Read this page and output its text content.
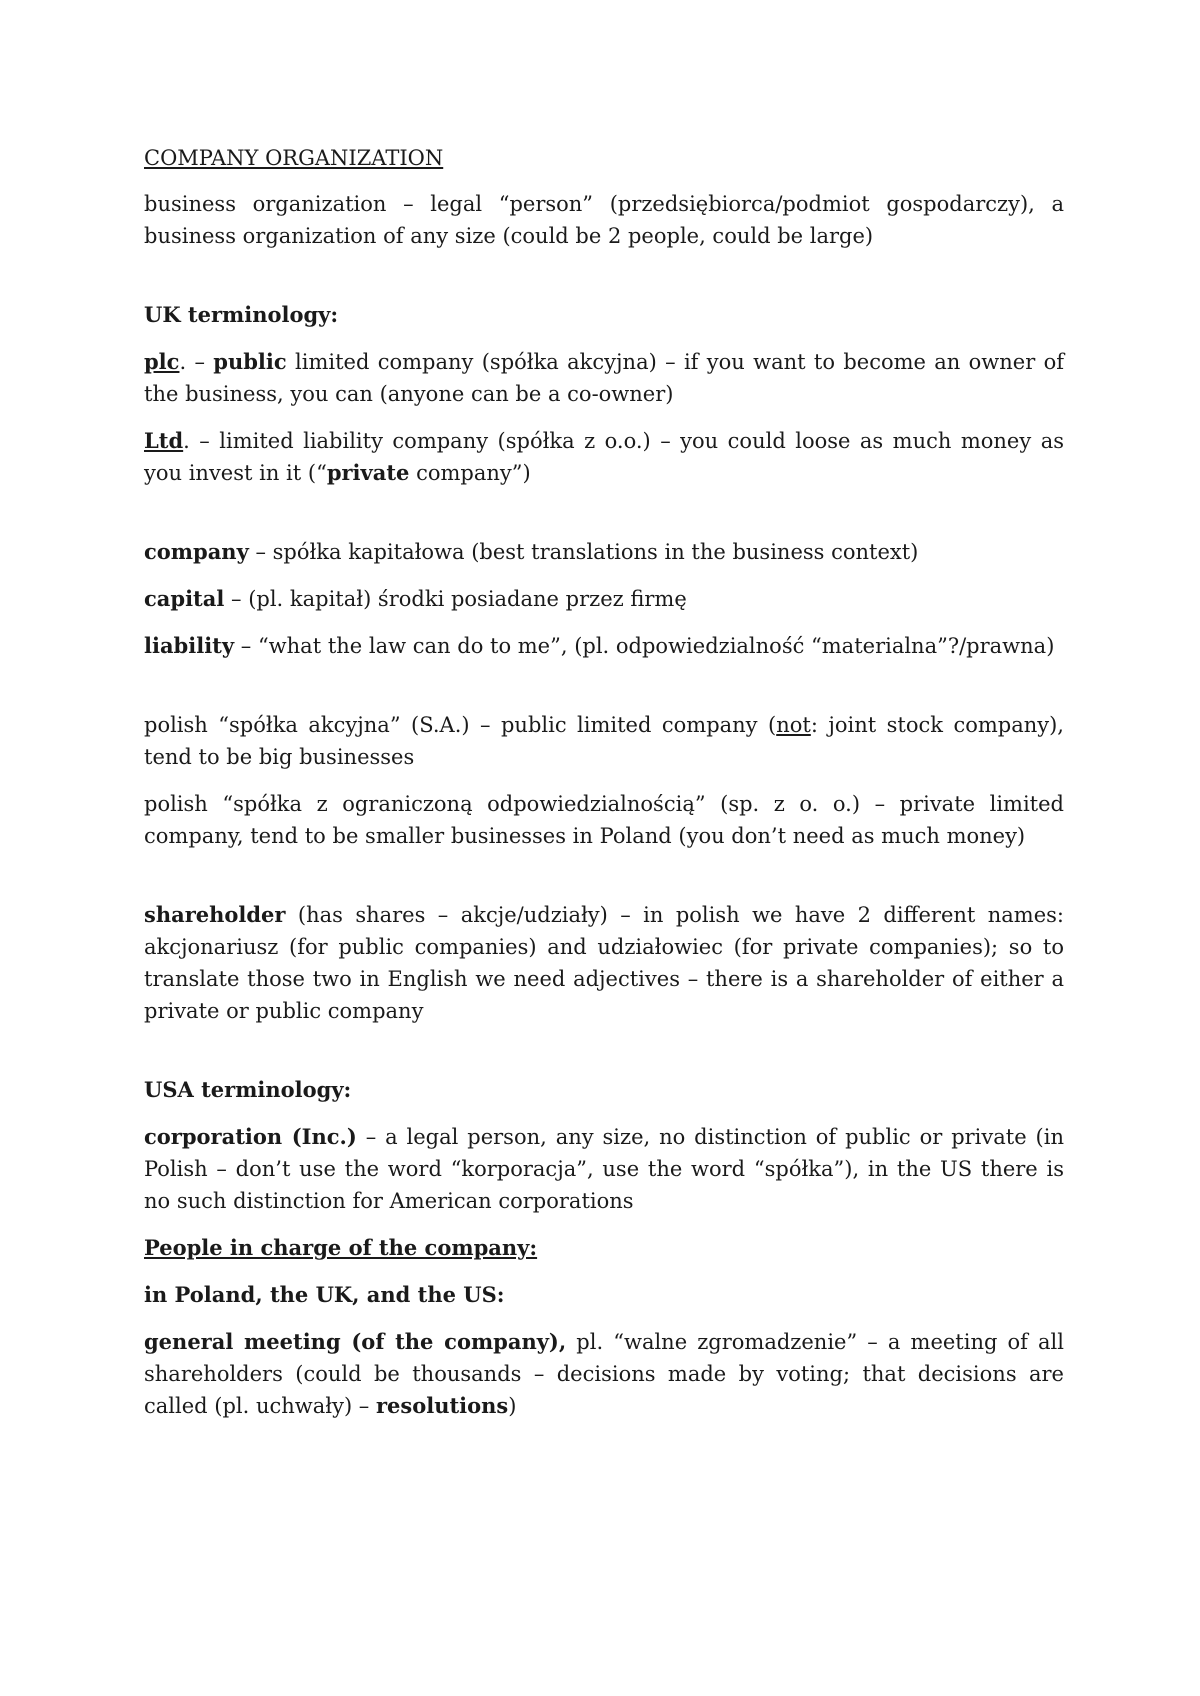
COMPANY ORGANIZATION

business organization – legal “person” (przedsiębiorca/podmiot gospodarczy), a business organization of any size (could be 2 people, could be large)

UK terminology:

plc. – public limited company (spółka akcyjna) – if you want to become an owner of the business, you can (anyone can be a co-owner)

Ltd. – limited liability company (spółka z o.o.) – you could loose as much money as you invest in it (“private company”)

company – spółka kapitałowa (best translations in the business context)

capital – (pl. kapitał) środki posiadane przez firmę

liability – “what the law can do to me”, (pl. odpowiedzialność “materialna”?/prawna)

polish “spółka akcyjna” (S.A.) – public limited company (not: joint stock company), tend to be big businesses

polish “spółka z ograniczoną odpowiedzialnością” (sp. z o. o.) – private limited company, tend to be smaller businesses in Poland (you don’t need as much money)

shareholder (has shares – akcje/udziały) – in polish we have 2 different names: akcjonariusz (for public companies) and udziałowiec (for private companies); so to translate those two in English we need adjectives – there is a shareholder of either a private or public company

USA terminology:

corporation (Inc.) – a legal person, any size, no distinction of public or private (in Polish – don’t use the word “korporacja”, use the word “spółka”), in the US there is no such distinction for American corporations

People in charge of the company:

in Poland, the UK, and the US:

general meeting (of the company), pl. “walne zgromadzenie” – a meeting of all shareholders (could be thousands – decisions made by voting; that decisions are called (pl. uchwały) – resolutions)
